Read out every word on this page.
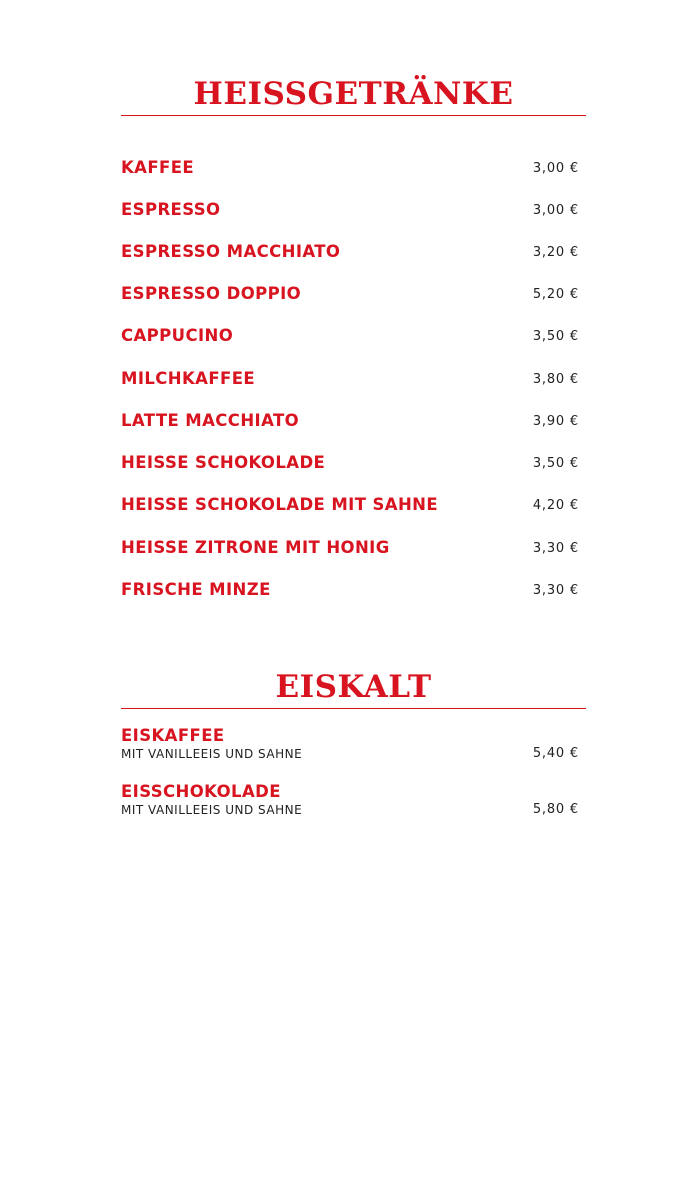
HEISSGETRÄNKE
KAFFEE	3,00 €
ESPRESSO	3,00 €
ESPRESSO MACCHIATO	3,20 €
ESPRESSO DOPPIO	5,20 €
CAPPUCINO	3,50 €
MILCHKAFFEE	3,80 €
LATTE MACCHIATO	3,90 €
HEISSE SCHOKOLADE	3,50 €
HEISSE SCHOKOLADE MIT SAHNE	4,20 €
HEISSE ZITRONE MIT HONIG	3,30 €
FRISCHE MINZE	3,30 €
EISKALT
EISKAFFEE
MIT VANILLEEIS UND SAHNE	5,40 €
EISSCHOKOLADE
MIT VANILLEEIS UND SAHNE	5,80 €
